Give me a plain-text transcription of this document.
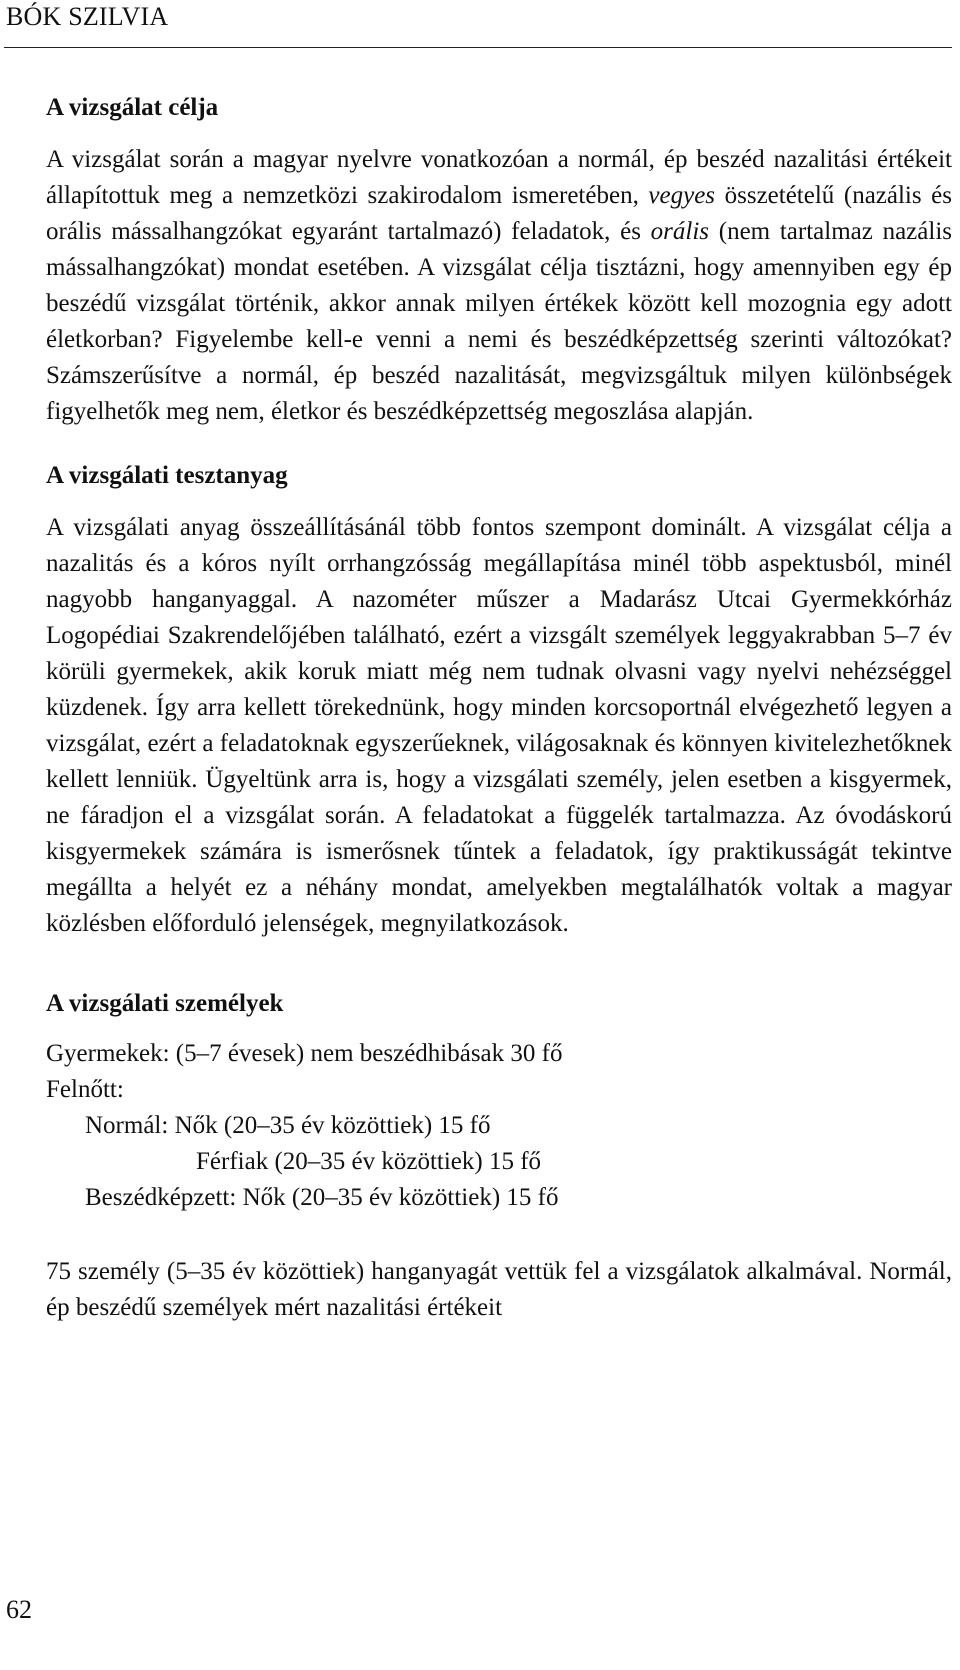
BÓK SZILVIA
A vizsgálat célja

A vizsgálat során a magyar nyelvre vonatkozóan a normál, ép beszéd nazalitási értékeit állapítottuk meg a nemzetközi szakirodalom ismeretében, vegyes összetételű (nazális és orális mássalhangzókat egyaránt tartalmazó) feladatok, és orális (nem tartalmaz nazális mássalhangzókat) mondat esetében. A vizsgálat célja tisztázni, hogy amennyiben egy ép beszédű vizsgálat történik, akkor annak milyen értékek között kell mozognia egy adott életkorban? Figyelembe kell-e venni a nemi és beszédképzettség szerinti változókat? Számszerűsítve a normál, ép beszéd nazalitását, megvizsgáltuk milyen különbségek figyelhetők meg nem, életkor és beszédképzettség megoszlása alapján.

A vizsgálati tesztanyag

A vizsgálati anyag összeállításánál több fontos szempont dominált. A vizsgálat célja a nazalitás és a kóros nyílt orrhangzósság megállapítása minél több aspektusból, minél nagyobb hanganyaggal. A nazométer műszer a Madarász Utcai Gyermekkórház Logopédiai Szakrendelőjében található, ezért a vizsgált személyek leggyakrabban 5–7 év körüli gyermekek, akik koruk miatt még nem tudnak olvasni vagy nyelvi nehézséggel küzdenek. Így arra kellett törekednünk, hogy minden korcsoportnál elvégezhető legyen a vizsgálat, ezért a feladatoknak egyszerűeknek, világosaknak és könnyen kivitelezhetőknek kellett lenniük. Ügyeltünk arra is, hogy a vizsgálati személy, jelen esetben a kisgyermek, ne fáradjon el a vizsgálat során. A feladatokat a függelék tartalmazza. Az óvodáskorú kisgyermekek számára is ismerősnek tűntek a feladatok, így praktikusságát tekintve megállta a helyét ez a néhány mondat, amelyekben megtalálhatók voltak a magyar közlésben előforduló jelenségek, megnyilatkozások.

A vizsgálati személyek
Gyermekek: (5–7 évesek) nem beszédhibásak 30 fő
Felnőtt:
Normál: Nők (20–35 év közöttiek) 15 fő
Férfiak (20–35 év közöttiek) 15 fő
Beszédképzett: Nők (20–35 év közöttiek) 15 fő

75 személy (5–35 év közöttiek) hanganyagát vettük fel a vizsgálatok alkalmával. Normál, ép beszédű személyek mért nazalitási értékeit

62
